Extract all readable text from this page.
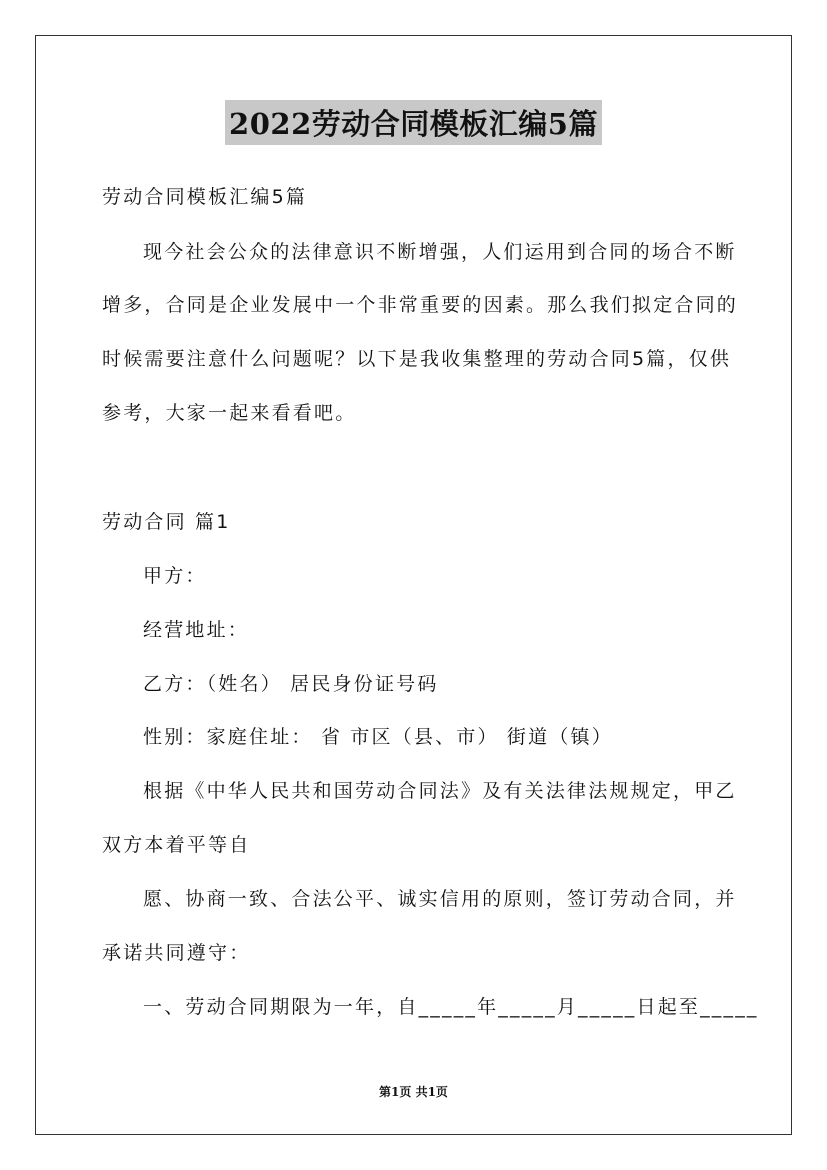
2022劳动合同模板汇编5篇
劳动合同模板汇编5篇
现今社会公众的法律意识不断增强，人们运用到合同的场合不断
增多，合同是企业发展中一个非常重要的因素。那么我们拟定合同的
时候需要注意什么问题呢？以下是我收集整理的劳动合同5篇，仅供
参考，大家一起来看看吧。
劳动合同 篇1
甲方：
经营地址：
乙方：（姓名） 居民身份证号码
性别：家庭住址： 省 市区（县、市） 街道（镇）
根据《中华人民共和国劳动合同法》及有关法律法规规定，甲乙
双方本着平等自
愿、协商一致、合法公平、诚实信用的原则，签订劳动合同，并
承诺共同遵守：
一、劳动合同期限为一年，自_____年_____月_____日起至_____
第1页 共1页
